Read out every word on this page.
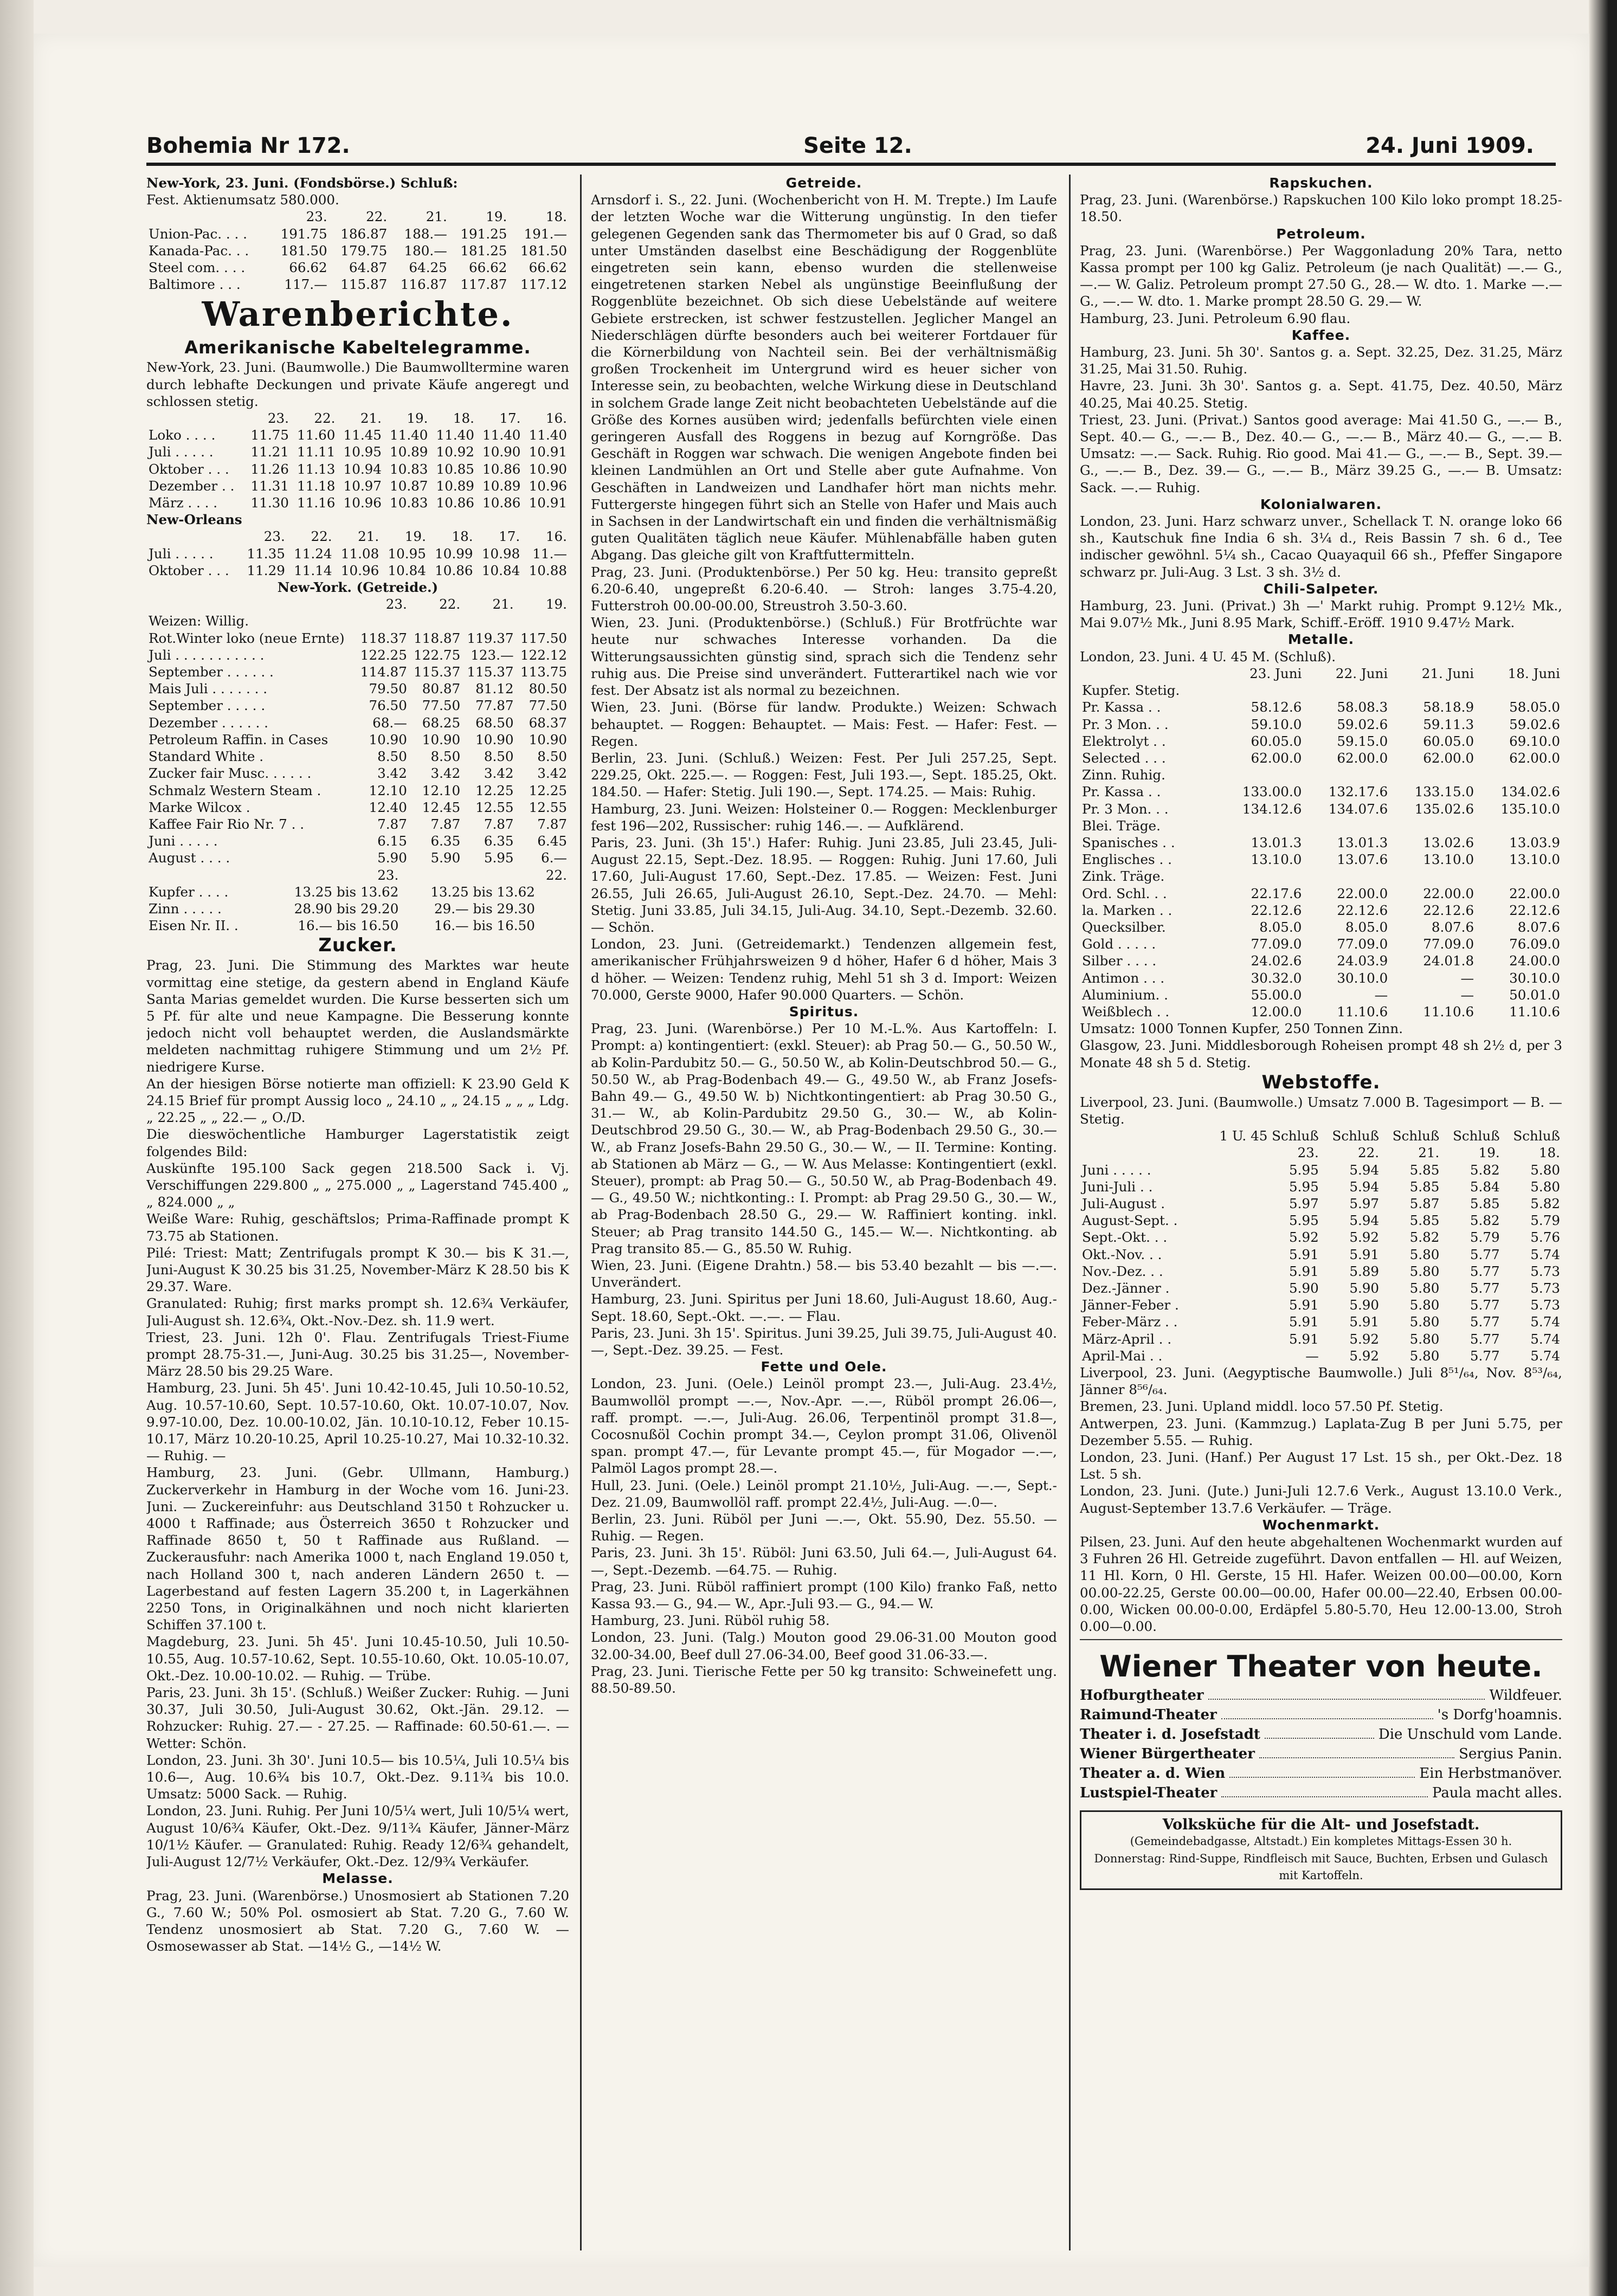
Bohemia Nr 172.	Seite 12.	24. Juni 1909.

New-York, 23. Juni. (Fondsbörse.) Schluß:

Fest. Aktienumsatz 580.000.

	23.	22.	21.	19.	18.
Union-Pac. . . .	191.75	186.87	188.—	191.25	191.—
Kanada-Pac. . .	181.50	179.75	180.—	181.25	181.50
Steel com. . . .	66.62	64.87	64.25	66.62	66.62
Baltimore . . .	117.—	115.87	116.87	117.87	117.12

Warenberichte.

Amerikanische Kabeltelegramme.

New-York, 23. Juni. (Baumwolle.) Die Baumwolltermine waren durch lebhafte Deckungen und private Käufe angeregt und schlossen stetig.

	23.	22.	21.	19.	18.	17.	16.
Loko . . . .	11.75	11.60	11.45	11.40	11.40	11.40	11.40
Juli . . . . .	11.21	11.11	10.95	10.89	10.92	10.90	10.91
Oktober . . .	11.26	11.13	10.94	10.83	10.85	10.86	10.90
Dezember . .	11.31	11.18	10.97	10.87	10.89	10.89	10.96
März . . . .	11.30	11.16	10.96	10.83	10.86	10.86	10.91
New-Orleans
	23.	22.	21.	19.	18.	17.	16.
Juli . . . . .	11.35	11.24	11.08	10.95	10.99	10.98	11.—
Oktober . . .	11.29	11.14	10.96	10.84	10.86	10.84	10.88
New-York. (Getreide.)
	23.	22.	21.	19.
Weizen: Willig.				
Rot.Winter loko (neue Ernte)	118.37	118.87	119.37	117.50
Juli . . . . . . . . . . .	122.25	122.75	123.—	122.12
September . . . . . .	114.87	115.37	115.37	113.75
Mais Juli . . . . . . .	79.50	80.87	81.12	80.50
September . . . . .	76.50	77.50	77.87	77.50
Dezember . . . . . .	68.—	68.25	68.50	68.37
Petroleum Raffin. in Cases	10.90	10.90	10.90	10.90
Standard White .	8.50	8.50	8.50	8.50
Zucker fair Musc. . . . . .	3.42	3.42	3.42	3.42
Schmalz Western Steam .	12.10	12.10	12.25	12.25
Marke Wilcox .	12.40	12.45	12.55	12.55
Kaffee Fair Rio Nr. 7 . .	7.87	7.87	7.87	7.87
Juni . . . . .	6.15	6.35	6.35	6.45
August . . . .	5.90	5.90	5.95	6.—
	23.		22.
Kupfer . . . .	13.25 bis 13.62	13.25 bis 13.62	
Zinn . . . . .	28.90 bis 29.20	29.— bis 29.30	
Eisen Nr. II. .	16.— bis 16.50	16.— bis 16.50	

Zucker.

Prag, 23. Juni. Die Stimmung des Marktes war heute vormittag eine stetige, da gestern abend in England Käufe Santa Marias gemeldet wurden. Die Kurse besserten sich um 5 Pf. für alte und neue Kampagne. Die Besserung konnte jedoch nicht voll behauptet werden, die Auslandsmärkte meldeten nachmittag ruhigere Stimmung und um 2½ Pf. niedrigere Kurse.

An der hiesigen Börse notierte man offiziell: K 23.90 Geld K 24.15 Brief für prompt Aussig loco „ 24.10 „ „ 24.15 „ „ „ Ldg. „ 22.25 „ „ 22.— „ O./D.

Die dieswöchentliche Hamburger Lagerstatistik zeigt folgendes Bild:

Auskünfte 195.100 Sack gegen 218.500 Sack i. Vj. Verschiffungen 229.800 „ „ 275.000 „ „ Lagerstand 745.400 „ „ 824.000 „ „

Weiße Ware: Ruhig, geschäftslos; Prima-Raffinade prompt K 73.75 ab Stationen.

Pilé: Triest: Matt; Zentrifugals prompt K 30.— bis K 31.—, Juni-August K 30.25 bis 31.25, November-März K 28.50 bis K 29.37. Ware.

Granulated: Ruhig; first marks prompt sh. 12.6¾ Verkäufer, Juli-August sh. 12.6¾, Okt.-Nov.-Dez. sh. 11.9 wert.

Triest, 23. Juni. 12h 0'. Flau. Zentrifugals Triest-Fiume prompt 28.75-31.—, Juni-Aug. 30.25 bis 31.25—, November-März 28.50 bis 29.25 Ware.

Hamburg, 23. Juni. 5h 45'. Juni 10.42-10.45, Juli 10.50-10.52, Aug. 10.57-10.60, Sept. 10.57-10.60, Okt. 10.07-10.07, Nov. 9.97-10.00, Dez. 10.00-10.02, Jän. 10.10-10.12, Feber 10.15-10.17, März 10.20-10.25, April 10.25-10.27, Mai 10.32-10.32. — Ruhig. —

Hamburg, 23. Juni. (Gebr. Ullmann, Hamburg.) Zuckerverkehr in Hamburg in der Woche vom 16. Juni-23. Juni. — Zuckereinfuhr: aus Deutschland 3150 t Rohzucker u. 4000 t Raffinade; aus Österreich 3650 t Rohzucker und Raffinade 8650 t, 50 t Raffinade aus Rußland. —Zuckerausfuhr: nach Amerika 1000 t, nach England 19.050 t, nach Holland 300 t, nach anderen Ländern 2650 t. — Lagerbestand auf festen Lagern 35.200 t, in Lagerkähnen 2250 Tons, in Originalkähnen und noch nicht klarierten Schiffen 37.100 t.

Magdeburg, 23. Juni. 5h 45'. Juni 10.45-10.50, Juli 10.50-10.55, Aug. 10.57-10.62, Sept. 10.55-10.60, Okt. 10.05-10.07, Okt.-Dez. 10.00-10.02. — Ruhig. — Trübe.

Paris, 23. Juni. 3h 15'. (Schluß.) Weißer Zucker: Ruhig. — Juni 30.37, Juli 30.50, Juli-August 30.62, Okt.-Jän. 29.12. — Rohzucker: Ruhig. 27.— - 27.25. — Raffinade: 60.50-61.—. — Wetter: Schön.

London, 23. Juni. 3h 30'. Juni 10.5— bis 10.5¼, Juli 10.5¼ bis 10.6—, Aug. 10.6¾ bis 10.7, Okt.-Dez. 9.11¾ bis 10.0. Umsatz: 5000 Sack. — Ruhig.

London, 23. Juni. Ruhig. Per Juni 10/5¼ wert, Juli 10/5¼ wert, August 10/6¾ Käufer, Okt.-Dez. 9/11¾ Käufer, Jänner-März 10/1½ Käufer. — Granulated: Ruhig. Ready 12/6¾ gehandelt, Juli-August 12/7½ Verkäufer, Okt.-Dez. 12/9¾ Verkäufer.

Melasse.

Prag, 23. Juni. (Warenbörse.) Unosmosiert ab Stationen 7.20 G., 7.60 W.; 50% Pol. osmosiert ab Stat. 7.20 G., 7.60 W. Tendenz unosmosiert ab Stat. 7.20 G., 7.60 W. — Osmosewasser ab Stat. —14½ G., —14½ W.

Getreide.

Arnsdorf i. S., 22. Juni. (Wochenbericht von H. M. Trepte.) Im Laufe der letzten Woche war die Witterung ungünstig. In den tiefer gelegenen Gegenden sank das Thermometer bis auf 0 Grad, so daß unter Umständen daselbst eine Beschädigung der Roggenblüte eingetreten sein kann, ebenso wurden die stellenweise eingetretenen starken Nebel als ungünstige Beeinflußung der Roggenblüte bezeichnet. Ob sich diese Uebelstände auf weitere Gebiete erstrecken, ist schwer festzustellen. Jeglicher Mangel an Niederschlägen dürfte besonders auch bei weiterer Fortdauer für die Körnerbildung von Nachteil sein. Bei der verhältnismäßig großen Trockenheit im Untergrund wird es heuer sicher von Interesse sein, zu beobachten, welche Wirkung diese in Deutschland in solchem Grade lange Zeit nicht beobachteten Uebelstände auf die Größe des Kornes ausüben wird; jedenfalls befürchten viele einen geringeren Ausfall des Roggens in bezug auf Korngröße. Das Geschäft in Roggen war schwach. Die wenigen Angebote finden bei kleinen Landmühlen an Ort und Stelle aber gute Aufnahme. Von Geschäften in Landweizen und Landhafer hört man nichts mehr. Futtergerste hingegen führt sich an Stelle von Hafer und Mais auch in Sachsen in der Landwirtschaft ein und finden die verhältnismäßig guten Qualitäten täglich neue Käufer. Mühlenabfälle haben guten Abgang. Das gleiche gilt von Kraftfuttermitteln.

Prag, 23. Juni. (Produktenbörse.) Per 50 kg. Heu: transito gepreßt 6.20-6.40, ungepreßt 6.20-6.40. — Stroh: langes 3.75-4.20, Futterstroh 00.00-00.00, Streustroh 3.50-3.60.

Wien, 23. Juni. (Produktenbörse.) (Schluß.) Für Brotfrüchte war heute nur schwaches Interesse vorhanden. Da die Witterungsaussichten günstig sind, sprach sich die Tendenz sehr ruhig aus. Die Preise sind unverändert. Futterartikel nach wie vor fest. Der Absatz ist als normal zu bezeichnen.

Wien, 23. Juni. (Börse für landw. Produkte.) Weizen: Schwach behauptet. — Roggen: Behauptet. — Mais: Fest. — Hafer: Fest. — Regen.

Berlin, 23. Juni. (Schluß.) Weizen: Fest. Per Juli 257.25, Sept. 229.25, Okt. 225.—. — Roggen: Fest, Juli 193.—, Sept. 185.25, Okt. 184.50. — Hafer: Stetig. Juli 190.—, Sept. 174.25. — Mais: Ruhig.

Hamburg, 23. Juni. Weizen: Holsteiner 0.— Roggen: Mecklenburger fest 196—202, Russischer: ruhig 146.—. — Aufklärend.

Paris, 23. Juni. (3h 15'.) Hafer: Ruhig. Juni 23.85, Juli 23.45, Juli-August 22.15, Sept.-Dez. 18.95. — Roggen: Ruhig. Juni 17.60, Juli 17.60, Juli-August 17.60, Sept.-Dez. 17.85. — Weizen: Fest. Juni 26.55, Juli 26.65, Juli-August 26.10, Sept.-Dez. 24.70. — Mehl: Stetig. Juni 33.85, Juli 34.15, Juli-Aug. 34.10, Sept.-Dezemb. 32.60. — Schön.

London, 23. Juni. (Getreidemarkt.) Tendenzen allgemein fest, amerikanischer Frühjahrsweizen 9 d höher, Hafer 6 d höher, Mais 3 d höher. — Weizen: Tendenz ruhig, Mehl 51 sh 3 d. Import: Weizen 70.000, Gerste 9000, Hafer 90.000 Quarters. — Schön.

Spiritus.

Prag, 23. Juni. (Warenbörse.) Per 10 M.-L.%. Aus Kartoffeln: I. Prompt: a) kontingentiert: (exkl. Steuer): ab Prag 50.— G., 50.50 W., ab Kolin-Pardubitz 50.— G., 50.50 W., ab Kolin-Deutschbrod 50.— G., 50.50 W., ab Prag-Bodenbach 49.— G., 49.50 W., ab Franz Josefs-Bahn 49.— G., 49.50 W. b) Nichtkontingentiert: ab Prag 30.50 G., 31.— W., ab Kolin-Pardubitz 29.50 G., 30.— W., ab Kolin-Deutschbrod 29.50 G., 30.— W., ab Prag-Bodenbach 29.50 G., 30.— W., ab Franz Josefs-Bahn 29.50 G., 30.— W., — II. Termine: Konting. ab Stationen ab März — G., — W. Aus Melasse: Kontingentiert (exkl. Steuer), prompt: ab Prag 50.— G., 50.50 W., ab Prag-Bodenbach 49.— G., 49.50 W.; nichtkonting.: I. Prompt: ab Prag 29.50 G., 30.— W., ab Prag-Bodenbach 28.50 G., 29.— W. Raffiniert konting. inkl. Steuer; ab Prag transito 144.50 G., 145.— W.—. Nichtkonting. ab Prag transito 85.— G., 85.50 W. Ruhig.

Wien, 23. Juni. (Eigene Drahtn.) 58.— bis 53.40 bezahlt — bis —.—. Unverändert.

Hamburg, 23. Juni. Spiritus per Juni 18.60, Juli-August 18.60, Aug.-Sept. 18.60, Sept.-Okt. —.—. — Flau.

Paris, 23. Juni. 3h 15'. Spiritus. Juni 39.25, Juli 39.75, Juli-August 40.—, Sept.-Dez. 39.25. — Fest.

Fette und Oele.

London, 23. Juni. (Oele.) Leinöl prompt 23.—, Juli-Aug. 23.4½, Baumwollöl prompt —.—, Nov.-Apr. —.—, Rüböl prompt 26.06—, raff. prompt. —.—, Juli-Aug. 26.06, Terpentinöl prompt 31.8—, Cocosnußöl Cochin prompt 34.—, Ceylon prompt 31.06, Olivenöl span. prompt 47.—, für Levante prompt 45.—, für Mogador —.—, Palmöl Lagos prompt 28.—.

Hull, 23. Juni. (Oele.) Leinöl prompt 21.10½, Juli-Aug. —.—, Sept.-Dez. 21.09, Baumwollöl raff. prompt 22.4½, Juli-Aug. —.0—.

Berlin, 23. Juni. Rüböl per Juni —.—, Okt. 55.90, Dez. 55.50. — Ruhig. — Regen.

Paris, 23. Juni. 3h 15'. Rüböl: Juni 63.50, Juli 64.—, Juli-August 64.—, Sept.-Dezemb. —64.75. — Ruhig.

Prag, 23. Juni. Rüböl raffiniert prompt (100 Kilo) franko Faß, netto Kassa 93.— G., 94.— W., Apr.-Juli 93.— G., 94.— W.

Hamburg, 23. Juni. Rüböl ruhig 58.

London, 23. Juni. (Talg.) Mouton good 29.06-31.00 Mouton good 32.00-34.00, Beef dull 27.06-34.00, Beef good 31.06-33.—.

Prag, 23. Juni. Tierische Fette per 50 kg transito: Schweinefett ung. 88.50-89.50.

Rapskuchen.

Prag, 23. Juni. (Warenbörse.) Rapskuchen 100 Kilo loko prompt 18.25-18.50.

Petroleum.

Prag, 23. Juni. (Warenbörse.) Per Waggonladung 20% Tara, netto Kassa prompt per 100 kg Galiz. Petroleum (je nach Qualität) —.— G., —.— W. Galiz. Petroleum prompt 27.50 G., 28.— W. dto. 1. Marke —.— G., —.— W. dto. 1. Marke prompt 28.50 G. 29.— W.

Hamburg, 23. Juni. Petroleum 6.90 flau.

Kaffee.

Hamburg, 23. Juni. 5h 30'. Santos g. a. Sept. 32.25, Dez. 31.25, März 31.25, Mai 31.50. Ruhig.

Havre, 23. Juni. 3h 30'. Santos g. a. Sept. 41.75, Dez. 40.50, März 40.25, Mai 40.25. Stetig.

Triest, 23. Juni. (Privat.) Santos good average: Mai 41.50 G., —.— B., Sept. 40.— G., —.— B., Dez. 40.— G., —.— B., März 40.— G., —.— B. Umsatz: —.— Sack. Ruhig. Rio good. Mai 41.— G., —.— B., Sept. 39.— G., —.— B., Dez. 39.— G., —.— B., März 39.25 G., —.— B. Umsatz: Sack. —.— Ruhig.

Kolonialwaren.

London, 23. Juni. Harz schwarz unver., Schellack T. N. orange loko 66 sh., Kautschuk fine India 6 sh. 3¼ d., Reis Bassin 7 sh. 6 d., Tee indischer gewöhnl. 5¼ sh., Cacao Quayaquil 66 sh., Pfeffer Singapore schwarz pr. Juli-Aug. 3 Lst. 3 sh. 3½ d.

Chili-Salpeter.

Hamburg, 23. Juni. (Privat.) 3h —' Markt ruhig. Prompt 9.12½ Mk., Mai 9.07½ Mk., Juni 8.95 Mark, Schiff.-Eröff. 1910 9.47½ Mark.

Metalle.

London, 23. Juni. 4 U. 45 M. (Schluß).

	23. Juni	22. Juni	21. Juni	18. Juni
Kupfer. Stetig.				
Pr. Kassa . .	58.12.6	58.08.3	58.18.9	58.05.0
Pr. 3 Mon. . .	59.10.0	59.02.6	59.11.3	59.02.6
Elektrolyt . .	60.05.0	59.15.0	60.05.0	69.10.0
Selected . . .	62.00.0	62.00.0	62.00.0	62.00.0
Zinn. Ruhig.				
Pr. Kassa . .	133.00.0	132.17.6	133.15.0	134.02.6
Pr. 3 Mon. . .	134.12.6	134.07.6	135.02.6	135.10.0
Blei. Träge.				
Spanisches . .	13.01.3	13.01.3	13.02.6	13.03.9
Englisches . .	13.10.0	13.07.6	13.10.0	13.10.0
Zink. Träge.				
Ord. Schl. . .	22.17.6	22.00.0	22.00.0	22.00.0
la. Marken . .	22.12.6	22.12.6	22.12.6	22.12.6
Quecksilber.	8.05.0	8.05.0	8.07.6	8.07.6
Gold . . . . .	77.09.0	77.09.0	77.09.0	76.09.0
Silber . . . .	24.02.6	24.03.9	24.01.8	24.00.0
Antimon . . .	30.32.0	30.10.0	—	30.10.0
Aluminium. .	55.00.0	—	—	50.01.0
Weißblech . .	12.00.0	11.10.6	11.10.6	11.10.6

Umsatz: 1000 Tonnen Kupfer, 250 Tonnen Zinn.

Glasgow, 23. Juni. Middlesborough Roheisen prompt 48 sh 2½ d, per 3 Monate 48 sh 5 d. Stetig.

Webstoffe.

Liverpool, 23. Juni. (Baumwolle.) Umsatz 7.000 B. Tagesimport — B. — Stetig.

	1 U. 45 Schluß	Schluß	Schluß	Schluß	Schluß
	23.	22.	21.	19.	18.
Juni . . . . .	5.95	5.94	5.85	5.82	5.80
Juni-Juli . .	5.95	5.94	5.85	5.84	5.80
Juli-August .	5.97	5.97	5.87	5.85	5.82
August-Sept. .	5.95	5.94	5.85	5.82	5.79
Sept.-Okt. . .	5.92	5.92	5.82	5.79	5.76
Okt.-Nov. . .	5.91	5.91	5.80	5.77	5.74
Nov.-Dez. . .	5.91	5.89	5.80	5.77	5.73
Dez.-Jänner .	5.90	5.90	5.80	5.77	5.73
Jänner-Feber .	5.91	5.90	5.80	5.77	5.73
Feber-März . .	5.91	5.91	5.80	5.77	5.74
März-April . .	5.91	5.92	5.80	5.77	5.74
April-Mai . .	—	5.92	5.80	5.77	5.74

Liverpool, 23. Juni. (Aegyptische Baumwolle.) Juli 8⁵¹/₆₄, Nov. 8⁵³/₆₄, Jänner 8⁵⁶/₆₄.

Bremen, 23. Juni. Upland middl. loco 57.50 Pf. Stetig.

Antwerpen, 23. Juni. (Kammzug.) Laplata-Zug B per Juni 5.75, per Dezember 5.55. — Ruhig.

London, 23. Juni. (Hanf.) Per August 17 Lst. 15 sh., per Okt.-Dez. 18 Lst. 5 sh.

London, 23. Juni. (Jute.) Juni-Juli 12.7.6 Verk., August 13.10.0 Verk., August-September 13.7.6 Verkäufer. — Träge.

Wochenmarkt.

Pilsen, 23. Juni. Auf den heute abgehaltenen Wochenmarkt wurden auf 3 Fuhren 26 Hl. Getreide zugeführt. Davon entfallen — Hl. auf Weizen, 11 Hl. Korn, 0 Hl. Gerste, 15 Hl. Hafer. Weizen 00.00—00.00, Korn 00.00-22.25, Gerste 00.00—00.00, Hafer 00.00—22.40, Erbsen 00.00-0.00, Wicken 00.00-0.00, Erdäpfel 5.80-5.70, Heu 12.00-13.00, Stroh 0.00—0.00.

Wiener Theater von heute.
Hofburgtheater	Wildfeuer.
Raimund-Theater	's Dorfg'hoamnis.
Theater i. d. Josefstadt	Die Unschuld vom Lande.
Wiener Bürgertheater	Sergius Panin.
Theater a. d. Wien	Ein Herbstmanöver.
Lustspiel-Theater	Paula macht alles.
Volksküche für die Alt- und Josefstadt.
(Gemeindebadgasse, Altstadt.) Ein kompletes Mittags-Essen 30 h.
Donnerstag: Rind-Suppe, Rindfleisch mit Sauce, Buchten, Erbsen und Gulasch mit Kartoffeln.
